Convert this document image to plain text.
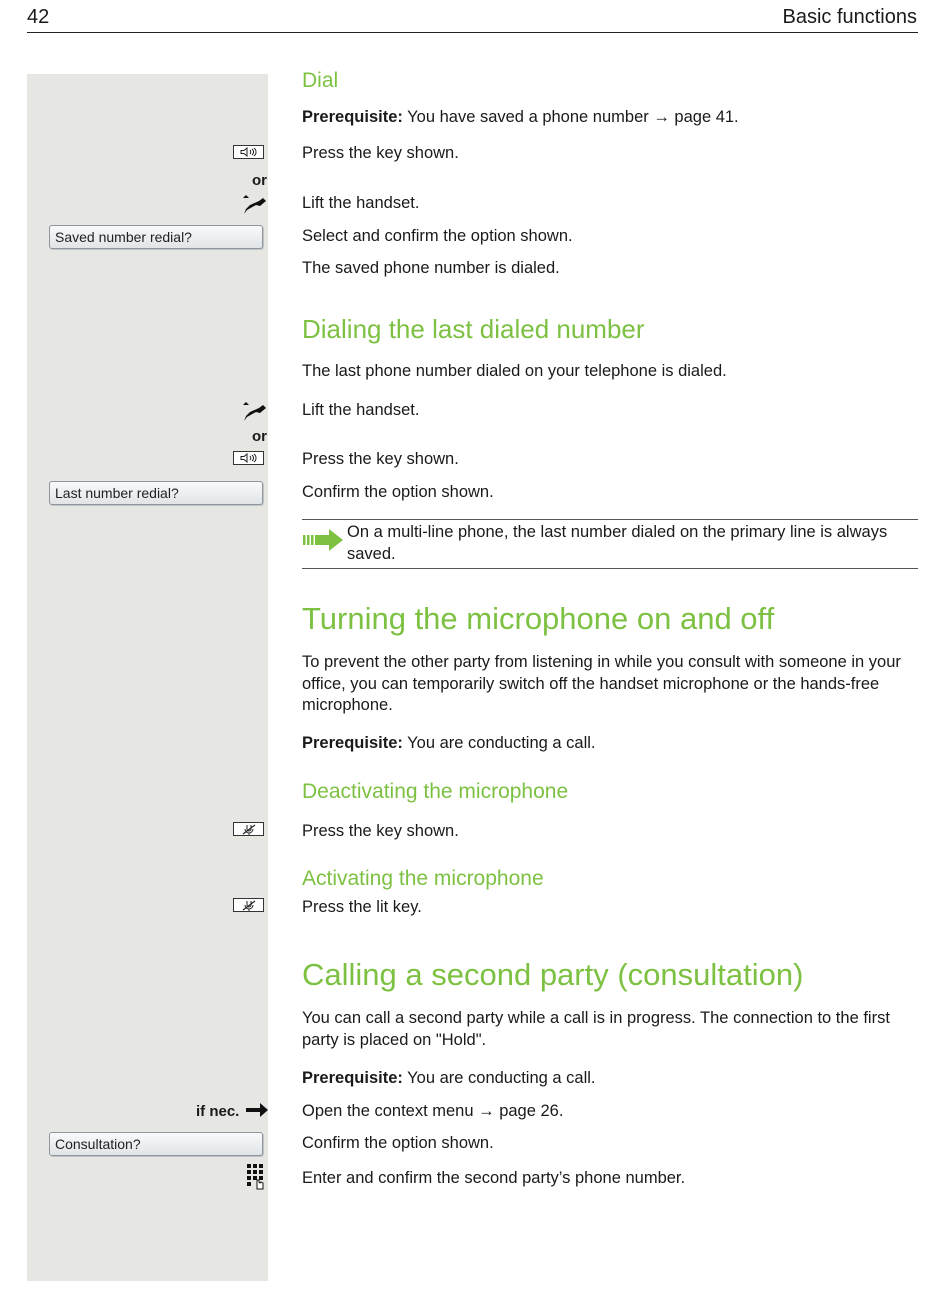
42	Basic functions
Dial
Prerequisite: You have saved a phone number → page 41.
Press the key shown.
or
Lift the handset.
Saved number redial?	Select and confirm the option shown.
The saved phone number is dialed.
Dialing the last dialed number
The last phone number dialed on your telephone is dialed.
Lift the handset.
or
Press the key shown.
Last number redial?	Confirm the option shown.
On a multi-line phone, the last number dialed on the primary line is always saved.
Turning the microphone on and off
To prevent the other party from listening in while you consult with someone in your office, you can temporarily switch off the handset microphone or the hands-free microphone.
Prerequisite: You are conducting a call.
Deactivating the microphone
Press the key shown.
Activating the microphone
Press the lit key.
Calling a second party (consultation)
You can call a second party while a call is in progress. The connection to the first party is placed on "Hold".
Prerequisite: You are conducting a call.
if nec.	Open the context menu → page 26.
Consultation?	Confirm the option shown.
Enter and confirm the second party’s phone number.
